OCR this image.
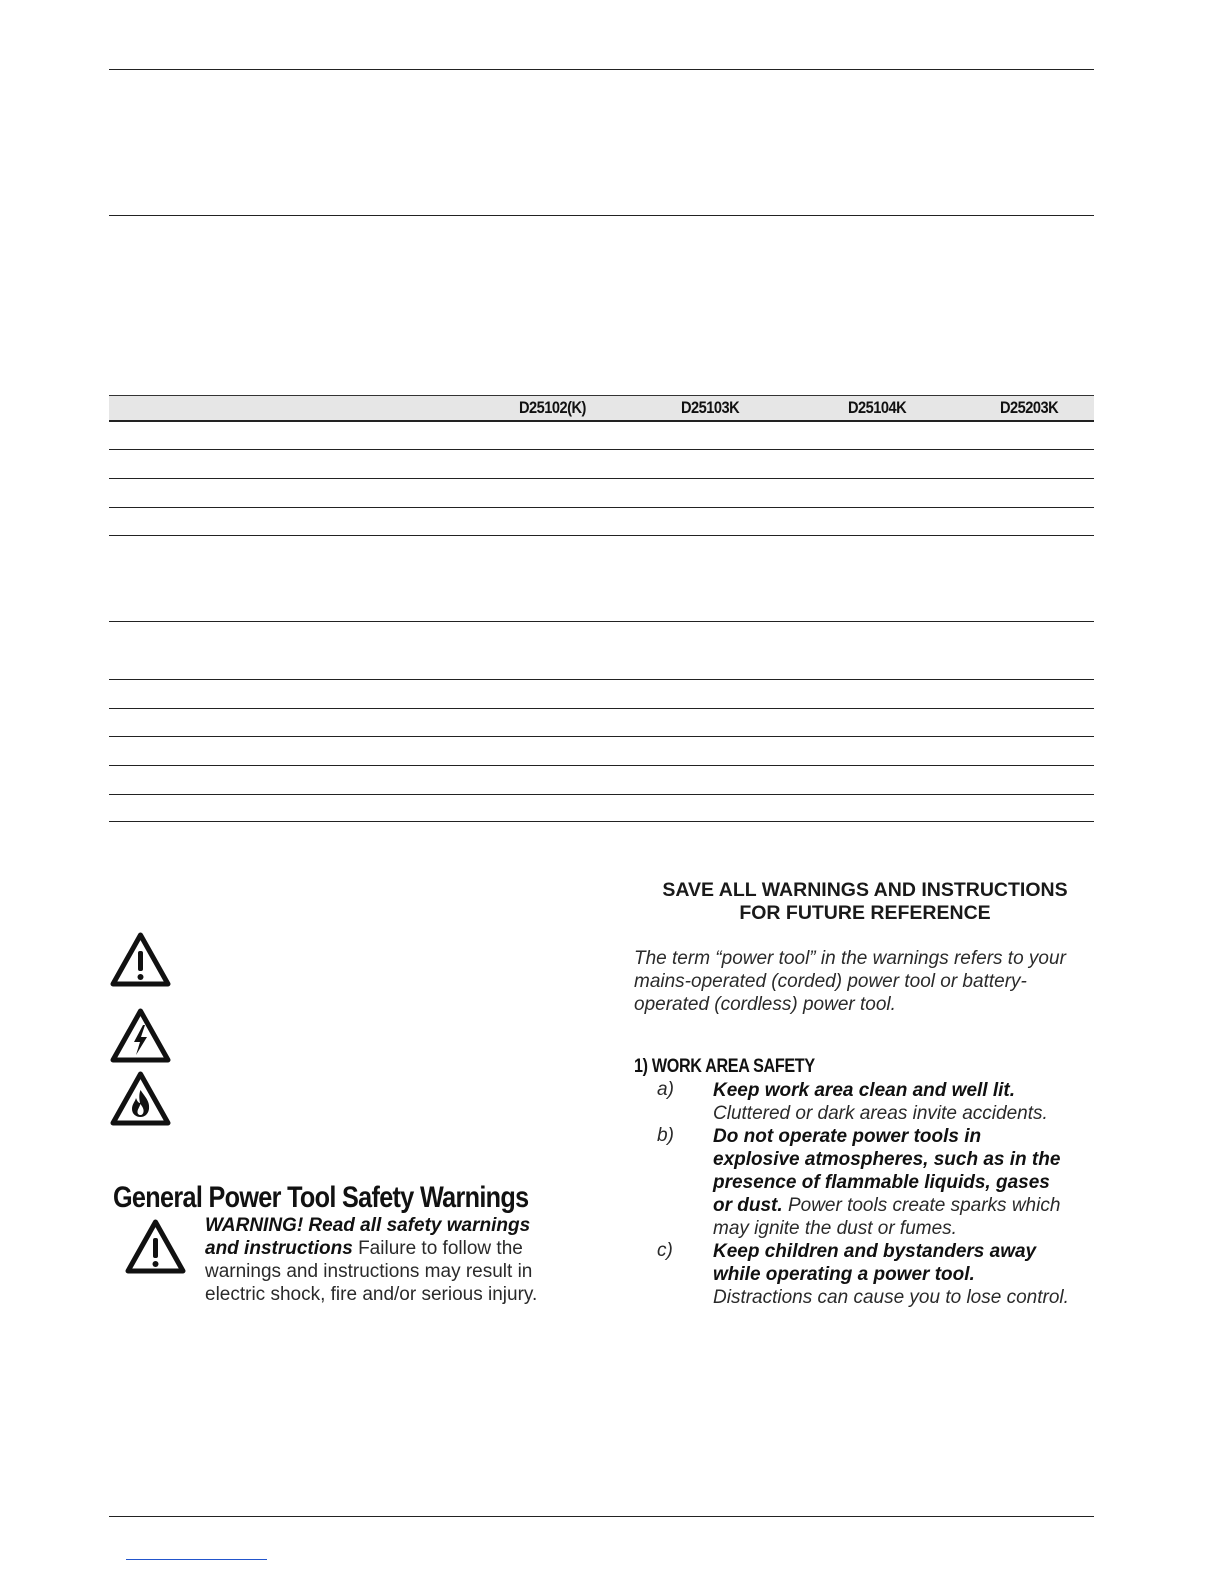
D25102(K)	D25103K	D25104K	D25203K
General Power Tool Safety Warnings
WARNING! Read all safety warnings
and instructions Failure to follow the
warnings and instructions may result in
electric shock, fire and/or serious injury.
SAVE ALL WARNINGS AND INSTRUCTIONS
FOR FUTURE REFERENCE
The term “power tool” in the warnings refers to your
mains-operated (corded) power tool or battery-
operated (cordless) power tool.
1) WORK AREA SAFETY
a) Keep work area clean and well lit.
Cluttered or dark areas invite accidents.
b) Do not operate power tools in
explosive atmospheres, such as in the
presence of flammable liquids, gases
or dust. Power tools create sparks which
may ignite the dust or fumes.
c) Keep children and bystanders away
while operating a power tool.
Distractions can cause you to lose control.
